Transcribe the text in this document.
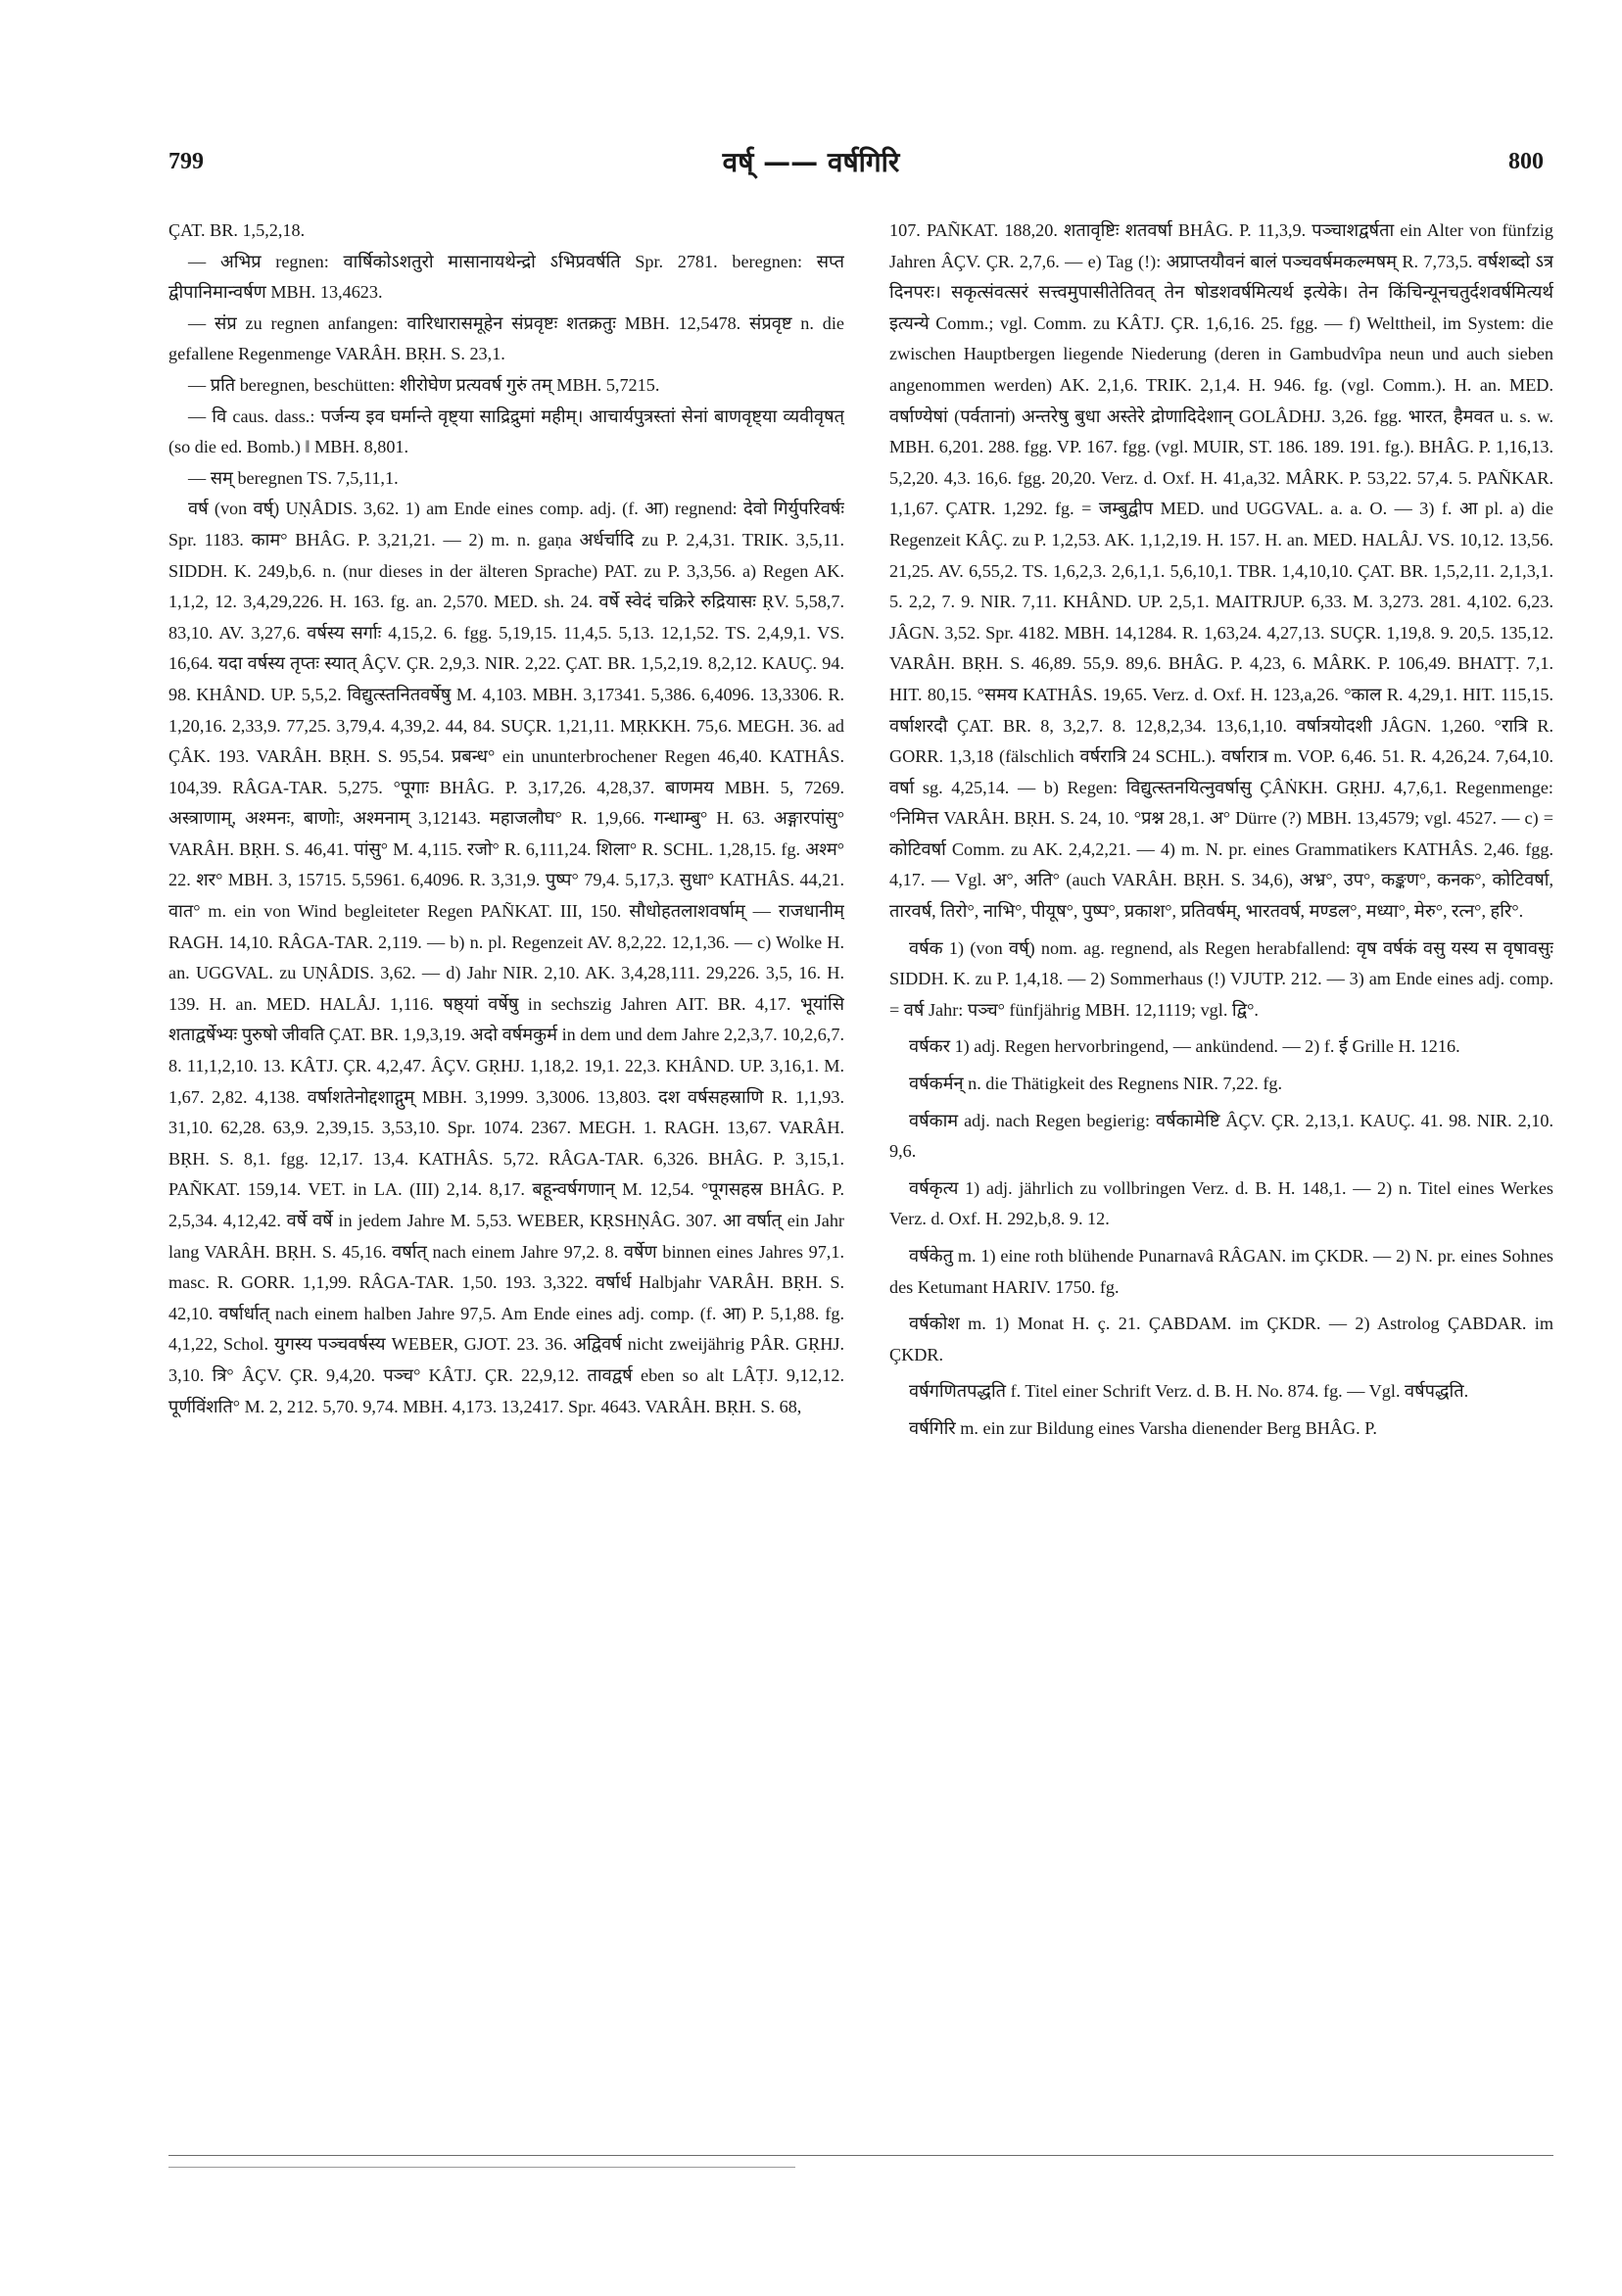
799	वर्ष् —— वर्षगिरि	800

ÇAT. BR. 1,5,2,18.

— अभिप्र regnen: वार्षिकोऽशतुरो मासानायथेन्द्रो ऽभिप्रवर्षति Spr. 2781. beregnen: सप्त द्वीपानिमान्वर्षण MBH. 13,4623.

— संप्र zu regnen anfangen: वारिधारासमूहेन संप्रवृष्टः शतक्रतुः MBH. 12,5478. संप्रवृष्ट n. die gefallene Regenmenge VARÂH. BṚH. S. 23,1.

— प्रति beregnen, beschütten: शीरोघेण प्रत्यवर्ष गुरुं तम् MBH. 5,7215.

— वि caus. dass.: पर्जन्य इव घर्मान्ते वृष्ट्या साद्रिद्रुमां महीम्। आचार्यपुत्रस्तां सेनां बाणवृष्ट्या व्यवीवृषत् (so die ed. Bomb.) ‖ MBH. 8,801.

— सम् beregnen TS. 7,5,11,1.

वर्ष (von वर्ष्) UṆÂDIS. 3,62. 1) am Ende eines comp. adj. (f. आ) regnend: देवो गिर्युपरिवर्षः Spr. 1183. काम° BHÂG. P. 3,21,21. — 2) m. n. gaṇa अर्धर्चादि zu P. 2,4,31. TRIK. 3,5,11. SIDDH. K. 249,b,6. n. (nur dieses in der älteren Sprache) PAT. zu P. 3,3,56. a) Regen AK. 1,1,2, 12. 3,4,29,226. H. 163. fg. an. 2,570. MED. sh. 24. वर्षे स्वेदं चक्रिरे रुद्रियासः ṚV. 5,58,7. 83,10. AV. 3,27,6. वर्षस्य सर्गाः 4,15,2. 6. fgg. 5,19,15. 11,4,5. 5,13. 12,1,52. TS. 2,4,9,1. VS. 16,64. यदा वर्षस्य तृप्तः स्यात् ÂÇV. ÇR. 2,9,3. NIR. 2,22. ÇAT. BR. 1,5,2,19. 8,2,12. KAUÇ. 94. 98. KHÂND. UP. 5,5,2. विद्युत्स्तनितवर्षेषु M. 4,103. MBH. 3,17341. 5,386. 6,4096. 13,3306. R. 1,20,16. 2,33,9. 77,25. 3,79,4. 4,39,2. 44, 84. SUÇR. 1,21,11. MṚKKH. 75,6. MEGH. 36. ad ÇÂK. 193. VARÂH. BṚH. S. 95,54. प्रबन्ध° ein ununterbrochener Regen 46,40. KATHÂS. 104,39. RÂGA-TAR. 5,275. °पूगाः BHÂG. P. 3,17,26. 4,28,37. बाणमय MBH. 5, 7269. अस्त्राणाम्, अश्मनः, बाणोः, अश्मनाम् 3,12143. महाजलौघ° R. 1,9,66. गन्धाम्बु° H. 63. अङ्गारपांसु° VARÂH. BṚH. S. 46,41. पांसु° M. 4,115. रजो° R. 6,111,24. शिला° R. SCHL. 1,28,15. fg. अश्म° 22. शर° MBH. 3, 15715. 5,5961. 6,4096. R. 3,31,9. पुष्प° 79,4. 5,17,3. सुधा° KATHÂS. 44,21. वात° m. ein von Wind begleiteter Regen PAÑKAT. III, 150. सौधोहतलाशवर्षाम् — राजधानीम् RAGH. 14,10. RÂGA-TAR. 2,119. — b) n. pl. Regenzeit AV. 8,2,22. 12,1,36. — c) Wolke H. an. UGGVAL. zu UṆÂDIS. 3,62. — d) Jahr NIR. 2,10. AK. 3,4,28,111. 29,226. 3,5, 16. H. 139. H. an. MED. HALÂJ. 1,116. षष्ठ्यां वर्षेषु in sechszig Jahren AIT. BR. 4,17. भूयांसि शताद्वर्षेभ्यः पुरुषो जीवति ÇAT. BR. 1,9,3,19. अदो वर्षमकुर्म in dem und dem Jahre 2,2,3,7. 10,2,6,7. 8. 11,1,2,10. 13. KÂTJ. ÇR. 4,2,47. ÂÇV. GṚHJ. 1,18,2. 19,1. 22,3. KHÂND. UP. 3,16,1. M. 1,67. 2,82. 4,138. वर्षाशतेनोद्दशाद्गुम् MBH. 3,1999. 3,3006. 13,803. दश वर्षसहस्राणि R. 1,1,93. 31,10. 62,28. 63,9. 2,39,15. 3,53,10. Spr. 1074. 2367. MEGH. 1. RAGH. 13,67. VARÂH. BṚH. S. 8,1. fgg. 12,17. 13,4. KATHÂS. 5,72. RÂGA-TAR. 6,326. BHÂG. P. 3,15,1. PAÑKAT. 159,14. VET. in LA. (III) 2,14. 8,17. बहून्वर्षगणान् M. 12,54. °पूगसहस्र BHÂG. P. 2,5,34. 4,12,42. वर्षे वर्षे in jedem Jahre M. 5,53. WEBER, KṚSHṆÂG. 307. आ वर्षात् ein Jahr lang VARÂH. BṚH. S. 45,16. वर्षात् nach einem Jahre 97,2. 8. वर्षेण binnen eines Jahres 97,1. masc. R. GORR. 1,1,99. RÂGA-TAR. 1,50. 193. 3,322. वर्षार्ध Halbjahr VARÂH. BṚH. S. 42,10. वर्षार्धात् nach einem halben Jahre 97,5. Am Ende eines adj. comp. (f. आ) P. 5,1,88. fg. 4,1,22, Schol. युगस्य पञ्चवर्षस्य WEBER, GJOT. 23. 36. अद्विवर्ष nicht zweijährig PÂR. GṚHJ. 3,10. त्रि° ÂÇV. ÇR. 9,4,20. पञ्च° KÂTJ. ÇR. 22,9,12. तावद्वर्ष eben so alt LÂṬJ. 9,12,12. पूर्णविंशति° M. 2, 212. 5,70. 9,74. MBH. 4,173. 13,2417. Spr. 4643. VARÂH. BṚH. S. 68,

107. PAÑKAT. 188,20. शतावृष्टिः शतवर्षा BHÂG. P. 11,3,9. पञ्चाशद्वर्षता ein Alter von fünfzig Jahren ÂÇV. ÇR. 2,7,6. — e) Tag (!): अप्राप्तयौवनं बालं पञ्चवर्षमकल्मषम् R. 7,73,5. वर्षशब्दो ऽत्र दिनपरः। सकृत्संवत्सरं सत्त्वमुपासीतेतिवत् तेन षोडशवर्षमित्यर्थ इत्येके। तेन किंचिन्यूनचतुर्दशवर्षमित्यर्थ इत्यन्ये Comm.; vgl. Comm. zu KÂTJ. ÇR. 1,6,16. 25. fgg. — f) Welttheil, im System: die zwischen Hauptbergen liegende Niederung (deren in Gambudvîpa neun und auch sieben angenommen werden) AK. 2,1,6. TRIK. 2,1,4. H. 946. fg. (vgl. Comm.). H. an. MED. वर्षाण्येषां (पर्वतानां) अन्तरेषु बुधा अस्तेरे द्रोणादिदेशान् GOLÂDHJ. 3,26. fgg. भारत, हैमवत u. s. w. MBH. 6,201. 288. fgg. VP. 167. fgg. (vgl. MUIR, ST. 186. 189. 191. fg.). BHÂG. P. 1,16,13. 5,2,20. 4,3. 16,6. fgg. 20,20. Verz. d. Oxf. H. 41,a,32. MÂRK. P. 53,22. 57,4. 5. PAÑKAR. 1,1,67. ÇATR. 1,292. fg. = जम्बुद्वीप MED. und UGGVAL. a. a. O. — 3) f. आ pl. a) die Regenzeit KÂÇ. zu P. 1,2,53. AK. 1,1,2,19. H. 157. H. an. MED. HALÂJ. VS. 10,12. 13,56. 21,25. AV. 6,55,2. TS. 1,6,2,3. 2,6,1,1. 5,6,10,1. TBR. 1,4,10,10. ÇAT. BR. 1,5,2,11. 2,1,3,1. 5. 2,2, 7. 9. NIR. 7,11. KHÂND. UP. 2,5,1. MAITRJUP. 6,33. M. 3,273. 281. 4,102. 6,23. JÂGN. 3,52. Spr. 4182. MBH. 14,1284. R. 1,63,24. 4,27,13. SUÇR. 1,19,8. 9. 20,5. 135,12. VARÂH. BṚH. S. 46,89. 55,9. 89,6. BHÂG. P. 4,23, 6. MÂRK. P. 106,49. BHATṬ. 7,1. HIT. 80,15. °समय KATHÂS. 19,65. Verz. d. Oxf. H. 123,a,26. °काल R. 4,29,1. HIT. 115,15. वर्षाशरदौ ÇAT. BR. 8, 3,2,7. 8. 12,8,2,34. 13,6,1,10. वर्षात्रयोदशी JÂGN. 1,260. °रात्रि R. GORR. 1,3,18 (fälschlich वर्षरात्रि 24 SCHL.). वर्षारात्र m. VOP. 6,46. 51. R. 4,26,24. 7,64,10. वर्षा sg. 4,25,14. — b) Regen: विद्युत्स्तनयित्नुवर्षासु ÇÂṄKH. GṚHJ. 4,7,6,1. Regenmenge: °निमित्त VARÂH. BṚH. S. 24, 10. °प्रश्न 28,1. अ° Dürre (?) MBH. 13,4579; vgl. 4527. — c) = कोटिवर्षा Comm. zu AK. 2,4,2,21. — 4) m. N. pr. eines Grammatikers KATHÂS. 2,46. fgg. 4,17. — Vgl. अ°, अति° (auch VARÂH. BṚH. S. 34,6), अभ्र°, उप°, कङ्कण°, कनक°, कोटिवर्षा, तारवर्ष, तिरो°, नाभि°, पीयूष°, पुष्प°, प्रकाश°, प्रतिवर्षम्, भारतवर्ष, मण्डल°, मध्या°, मेरु°, रत्न°, हरि°.

वर्षक 1) (von वर्ष्) nom. ag. regnend, als Regen herabfallend: वृष वर्षकं वसु यस्य स वृषावसुः SIDDH. K. zu P. 1,4,18. — 2) Sommerhaus (!) VJUTP. 212. — 3) am Ende eines adj. comp. = वर्ष Jahr: पञ्च° fünfjährig MBH. 12,1119; vgl. द्वि°.

वर्षकर 1) adj. Regen hervorbringend, — ankündend. — 2) f. ई Grille H. 1216.

वर्षकर्मन् n. die Thätigkeit des Regnens NIR. 7,22. fg.

वर्षकाम adj. nach Regen begierig: वर्षकामेष्टि ÂÇV. ÇR. 2,13,1. KAUÇ. 41. 98. NIR. 2,10. 9,6.

वर्षकृत्य 1) adj. jährlich zu vollbringen Verz. d. B. H. 148,1. — 2) n. Titel eines Werkes Verz. d. Oxf. H. 292,b,8. 9. 12.

वर्षकेतु m. 1) eine roth blühende Punarnavâ RÂGAN. im ÇKDR. — 2) N. pr. eines Sohnes des Ketumant HARIV. 1750. fg.

वर्षकोश m. 1) Monat H. ç. 21. ÇABDAM. im ÇKDR. — 2) Astrolog ÇABDAR. im ÇKDR.

वर्षगणितपद्धति f. Titel einer Schrift Verz. d. B. H. No. 874. fg. — Vgl. वर्षपद्धति.

वर्षगिरि m. ein zur Bildung eines Varsha dienender Berg BHÂG. P.
